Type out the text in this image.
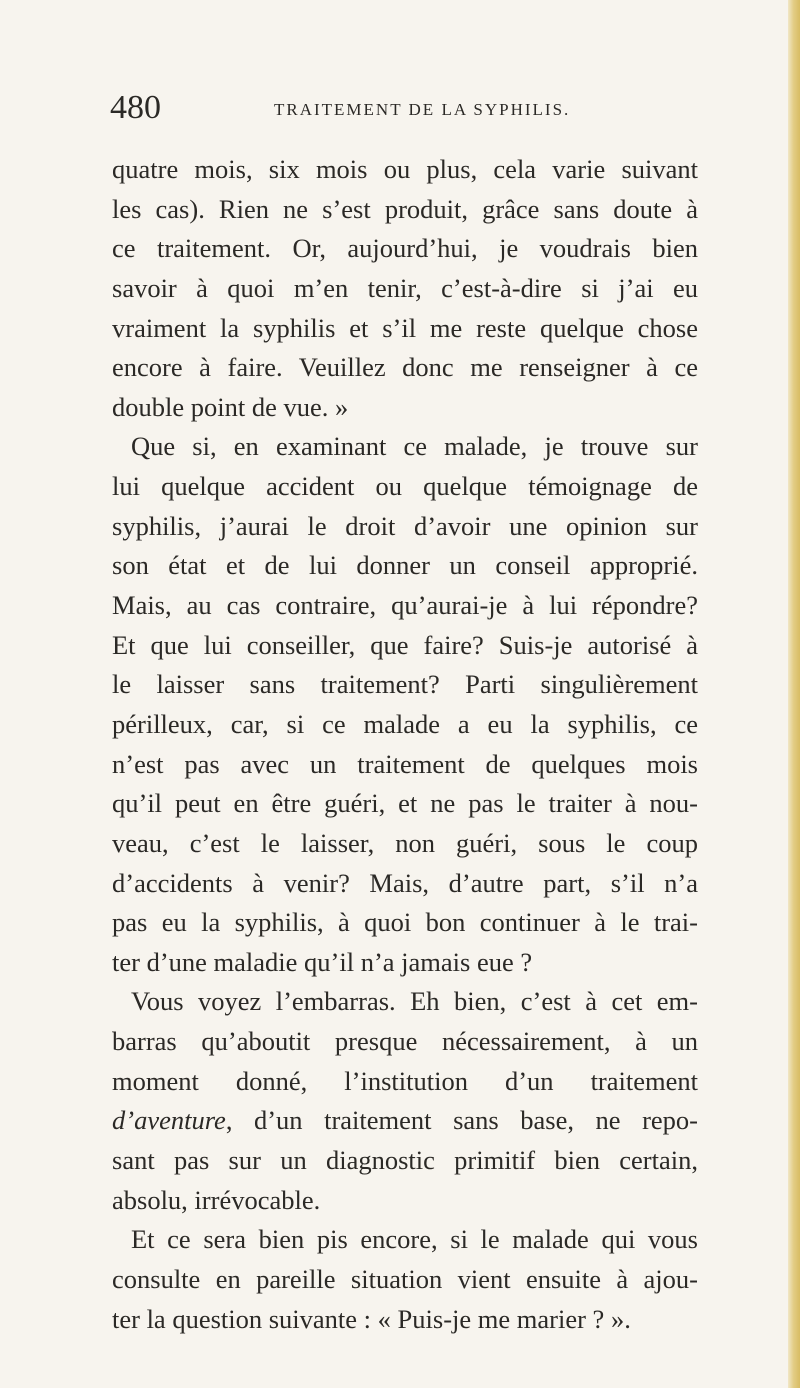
480	TRAITEMENT DE LA SYPHILIS.
quatre mois, six mois ou plus, cela varie suivant
les cas). Rien ne s’est produit, grâce sans doute à
ce traitement. Or, aujourd’hui, je voudrais bien
savoir à quoi m’en tenir, c’est-à-dire si j’ai eu
vraiment la syphilis et s’il me reste quelque chose
encore à faire. Veuillez donc me renseigner à ce
double point de vue. »
Que si, en examinant ce malade, je trouve sur
lui quelque accident ou quelque témoignage de
syphilis, j’aurai le droit d’avoir une opinion sur
son état et de lui donner un conseil approprié.
Mais, au cas contraire, qu’aurai-je à lui répondre?
Et que lui conseiller, que faire? Suis-je autorisé à
le laisser sans traitement? Parti singulièrement
périlleux, car, si ce malade a eu la syphilis, ce
n’est pas avec un traitement de quelques mois
qu’il peut en être guéri, et ne pas le traiter à nou-
veau, c’est le laisser, non guéri, sous le coup
d’accidents à venir? Mais, d’autre part, s’il n’a
pas eu la syphilis, à quoi bon continuer à le trai-
ter d’une maladie qu’il n’a jamais eue ?
Vous voyez l’embarras. Eh bien, c’est à cet em-
barras qu’aboutit presque nécessairement, à un
moment donné, l’institution d’un traitement
d’aventure, d’un traitement sans base, ne repo-
sant pas sur un diagnostic primitif bien certain,
absolu, irrévocable.
Et ce sera bien pis encore, si le malade qui vous
consulte en pareille situation vient ensuite à ajou-
ter la question suivante : « Puis-je me marier ? ».
